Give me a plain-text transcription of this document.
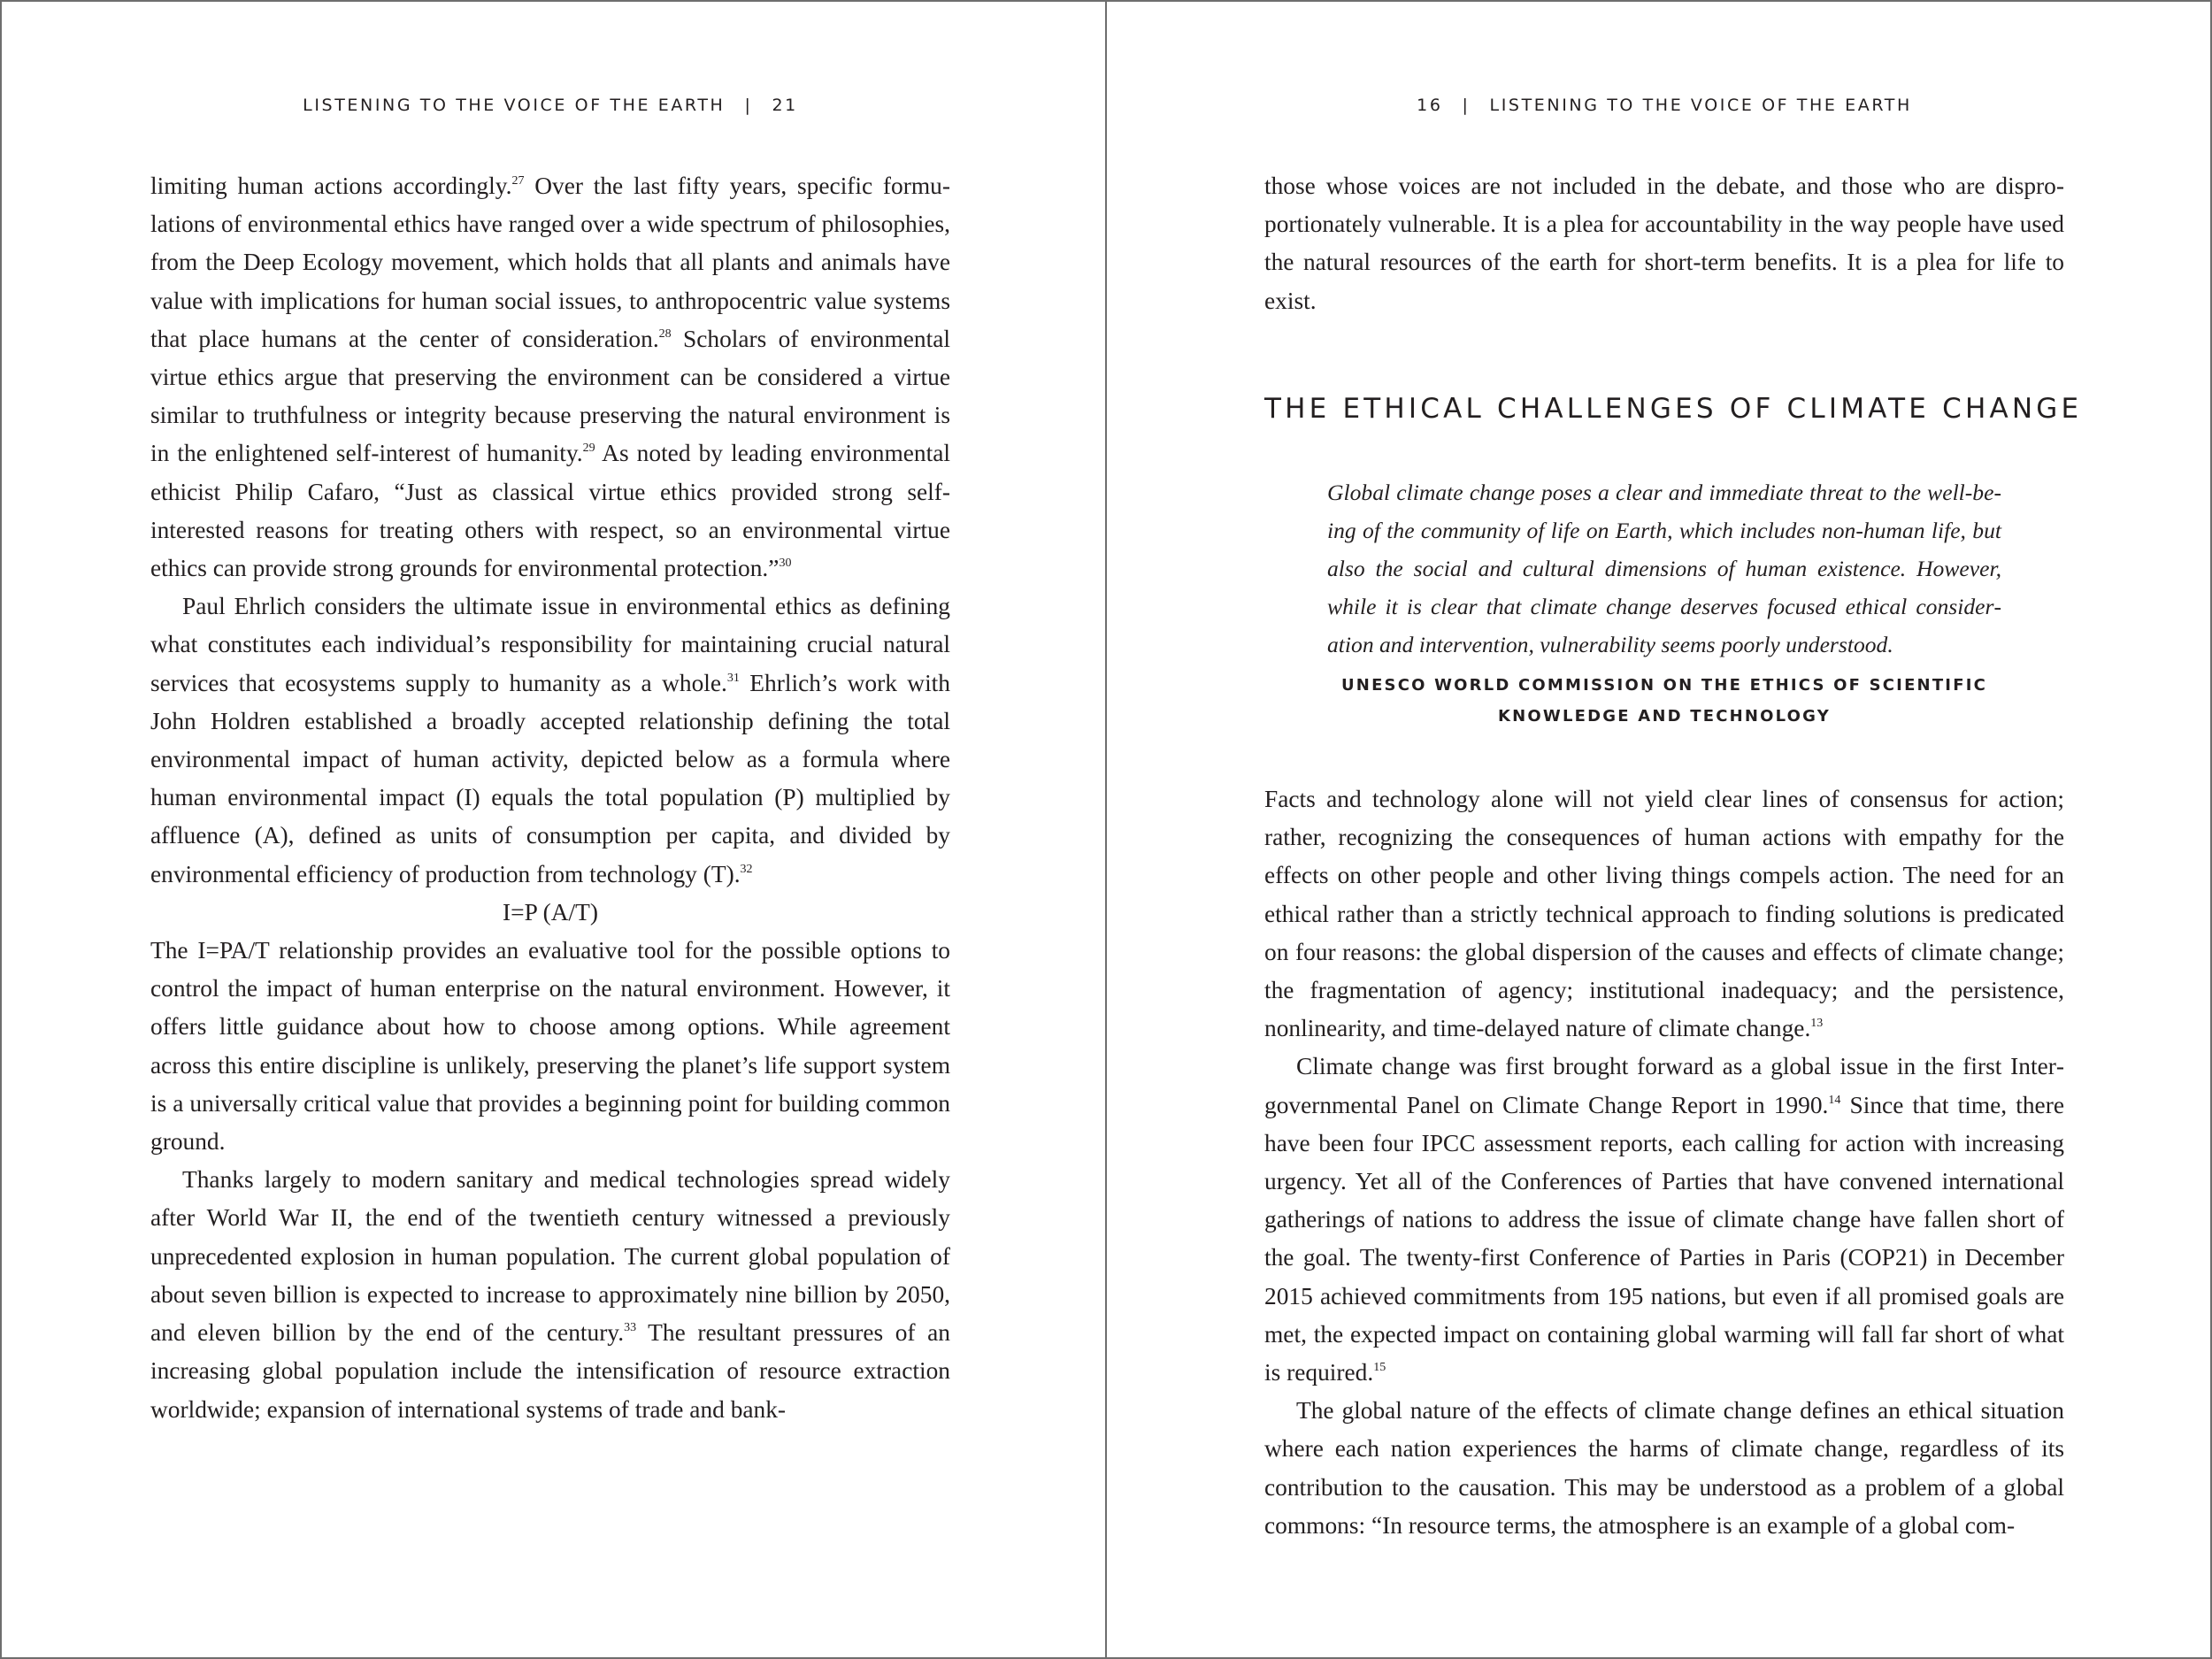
LISTENING TO THE VOICE OF THE EARTH | 21

limiting human actions accordingly.$^{27}$ Over the last fifty years, specific formulations of environmental ethics have ranged over a wide spectrum of philosophies, from the Deep Ecology movement, which holds that all plants and animals have value with implications for human social issues, to anthropocentric value systems that place humans at the center of consideration.$^{28}$ Scholars of environmental virtue ethics argue that preserving the environment can be considered a virtue similar to truthfulness or integrity because preserving the natural environment is in the enlightened self-interest of humanity.$^{29}$ As noted by leading environmental ethicist Philip Cafaro, “Just as classical virtue ethics provided strong self-interested reasons for treating others with respect, so an environmental virtue ethics can provide strong grounds for environmental protection.”$^{30}$

Paul Ehrlich considers the ultimate issue in environmental ethics as defining what constitutes each individual’s responsibility for maintaining crucial natural services that ecosystems supply to humanity as a whole.$^{31}$ Ehrlich’s work with John Holdren established a broadly accepted relationship defining the total environmental impact of human activity, depicted below as a formula where human environmental impact (I) equals the total population (P) multiplied by affluence (A), defined as units of consumption per capita, and divided by environmental efficiency of production from technology (T).$^{32}$

I=P (A/T)

The I=PA/T relationship provides an evaluative tool for the possible options to control the impact of human enterprise on the natural environment. However, it offers little guidance about how to choose among options. While agreement across this entire discipline is unlikely, preserving the planet’s life support system is a universally critical value that provides a beginning point for building common ground.

Thanks largely to modern sanitary and medical technologies spread widely after World War II, the end of the twentieth century witnessed a previously unprecedented explosion in human population. The current global population of about seven billion is expected to increase to approximately nine billion by 2050, and eleven billion by the end of the century.$^{33}$ The resultant pressures of an increasing global population include the intensification of resource extraction worldwide; expansion of international systems of trade and bank-

16 | LISTENING TO THE VOICE OF THE EARTH

those whose voices are not included in the debate, and those who are disproportionately vulnerable. It is a plea for accountability in the way people have used the natural resources of the earth for short-term benefits. It is a plea for life to exist.

THE ETHICAL CHALLENGES OF CLIMATE CHANGE
Global climate change poses a clear and immediate threat to the well-being of the community of life on Earth, which includes non-human life, but also the social and cultural dimensions of human existence. However, while it is clear that climate change deserves focused ethical consideration and intervention, vulnerability seems poorly understood.
UNESCO WORLD COMMISSION ON THE ETHICS OF SCIENTIFIC
KNOWLEDGE AND TECHNOLOGY

Facts and technology alone will not yield clear lines of consensus for action; rather, recognizing the consequences of human actions with empathy for the effects on other people and other living things compels action. The need for an ethical rather than a strictly technical approach to finding solutions is predicated on four reasons: the global dispersion of the causes and effects of climate change; the fragmentation of agency; institutional inadequacy; and the persistence, nonlinearity, and time-delayed nature of climate change.$^{13}$

Climate change was first brought forward as a global issue in the first Intergovernmental Panel on Climate Change Report in 1990.14 Since that time, there have been four IPCC assessment reports, each calling for action with increasing urgency. Yet all of the Conferences of Parties that have convened international gatherings of nations to address the issue of climate change have fallen short of the goal. The twenty-first Conference of Parties in Paris (COP21) in December 2015 achieved commitments from 195 nations, but even if all promised goals are met, the expected impact on containing global warming will fall far short of what is required.$^{15}$

The global nature of the effects of climate change defines an ethical situation where each nation experiences the harms of climate change, regardless of its contribution to the causation. This may be understood as a problem of a global commons: “In resource terms, the atmosphere is an example of a global com-
